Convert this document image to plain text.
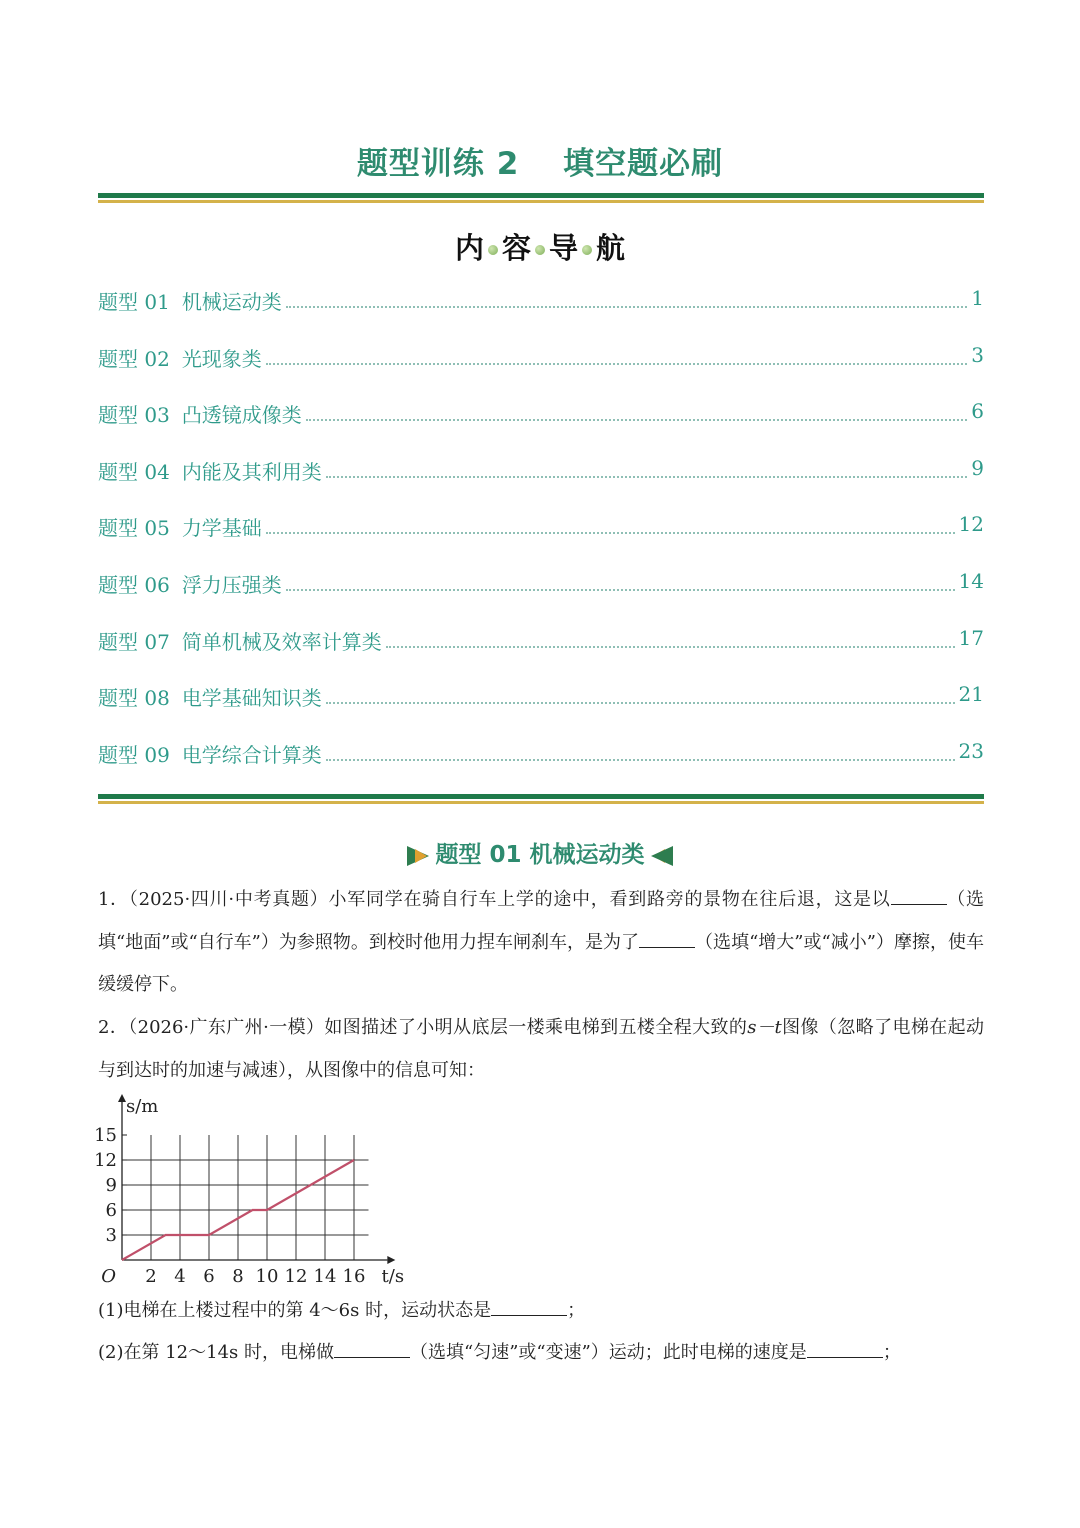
题型训练 2　 填空题必刷
内 容 导 航
题型 01 机械运动类	1
题型 02 光现象类	3
题型 03 凸透镜成像类	6
题型 04 内能及其利用类	9
题型 05 力学基础	12
题型 06 浮力压强类	14
题型 07 简单机械及效率计算类	17
题型 08 电学基础知识类	21
题型 09 电学综合计算类	23
题型 01 机械运动类
1．（2025·四川·中考真题）小军同学在骑自行车上学的途中，看到路旁的景物在往后退，这是以	（选填“地面”或“自行车”）为参照物。到校时他用力捏车闸刹车，是为了	（选填“增大”或“减小”）摩擦，使车缓缓停下。
2．（2026·广东广州·一模）如图描述了小明从底层一楼乘电梯到五楼全程大致的s－t图像（忽略了电梯在起动与到达时的加速与减速），从图像中的信息可知：
3
6
9
12
15
2 4 6 8 10 12 14 16
O
s/m
t/s
(1)电梯在上楼过程中的第 4～6s 时，运动状态是	；
(2)在第 12～14s 时，电梯做	（选填“匀速”或“变速”）运动；此时电梯的速度是	；
